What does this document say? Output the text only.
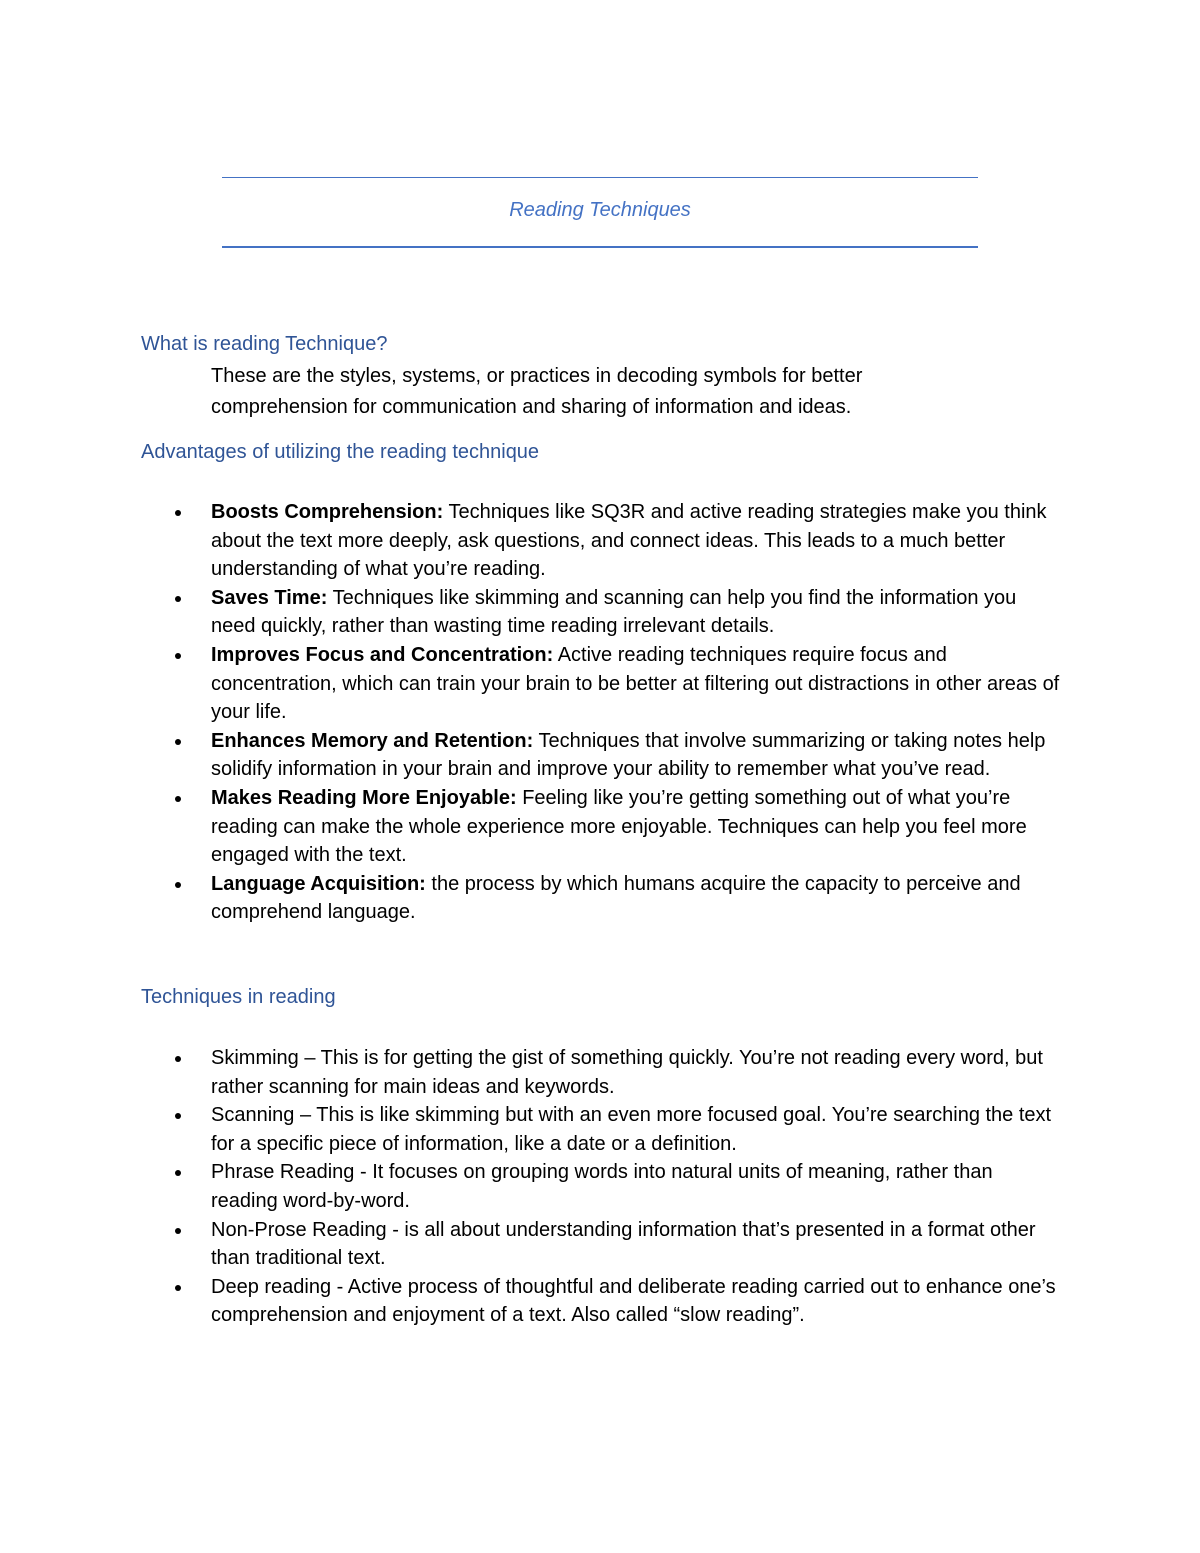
Reading Techniques
What is reading Technique?

These are the styles, systems, or practices in decoding symbols for better comprehension for communication and sharing of information and ideas.

Advantages of utilizing the reading technique
Boosts Comprehension: Techniques like SQ3R and active reading strategies make you think about the text more deeply, ask questions, and connect ideas. This leads to a much better understanding of what you’re reading.
Saves Time: Techniques like skimming and scanning can help you find the information you need quickly, rather than wasting time reading irrelevant details.
Improves Focus and Concentration: Active reading techniques require focus and concentration, which can train your brain to be better at filtering out distractions in other areas of your life.
Enhances Memory and Retention: Techniques that involve summarizing or taking notes help solidify information in your brain and improve your ability to remember what you’ve read.
Makes Reading More Enjoyable: Feeling like you’re getting something out of what you’re reading can make the whole experience more enjoyable. Techniques can help you feel more engaged with the text.
Language Acquisition: the process by which humans acquire the capacity to perceive and comprehend language.
Techniques in reading
Skimming – This is for getting the gist of something quickly. You’re not reading every word, but rather scanning for main ideas and keywords.
Scanning – This is like skimming but with an even more focused goal. You’re searching the text for a specific piece of information, like a date or a definition.
Phrase Reading - It focuses on grouping words into natural units of meaning, rather than reading word-by-word.
Non-Prose Reading - is all about understanding information that’s presented in a format other than traditional text.
Deep reading - Active process of thoughtful and deliberate reading carried out to enhance one’s comprehension and enjoyment of a text. Also called “slow reading”.
